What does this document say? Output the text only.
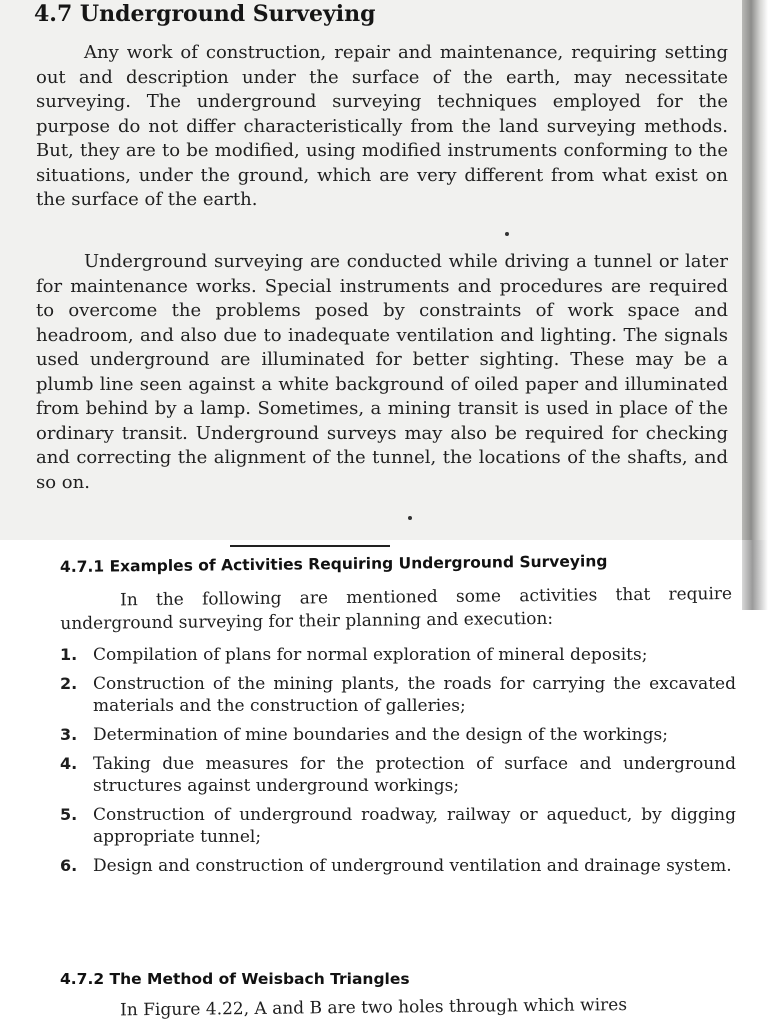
4.7 Underground Surveying

Any work of construction, repair and maintenance, requiring setting out and description under the surface of the earth, may necessitate surveying. The underground surveying techniques employed for the purpose do not differ characteristically from the land surveying methods. But, they are to be modified, using modified instruments conforming to the situations, under the ground, which are very different from what exist on the surface of the earth.

Underground surveying are conducted while driving a tunnel or later for maintenance works. Special instruments and procedures are required to overcome the problems posed by constraints of work space and headroom, and also due to inadequate ventilation and lighting. The signals used underground are illuminated for better sighting. These may be a plumb line seen against a white background of oiled paper and illuminated from behind by a lamp. Sometimes, a mining transit is used in place of the ordinary transit. Underground surveys may also be required for checking and correcting the alignment of the tunnel, the locations of the shafts, and so on.

4.7.1 Examples of Activities Requiring Underground Surveying

In the following are mentioned some activities that require underground surveying for their planning and execution:

1. Compilation of plans for normal exploration of mineral deposits;
2. Construction of the mining plants, the roads for carrying the excavated materials and the construction of galleries;
3. Determination of mine boundaries and the design of the workings;
4. Taking due measures for the protection of surface and underground structures against underground workings;
5. Construction of underground roadway, railway or aqueduct, by digging appropriate tunnel;
6. Design and construction of underground ventilation and drainage system.
4.7.2 The Method of Weisbach Triangles

In Figure 4.22, A and B are two holes through which wires
